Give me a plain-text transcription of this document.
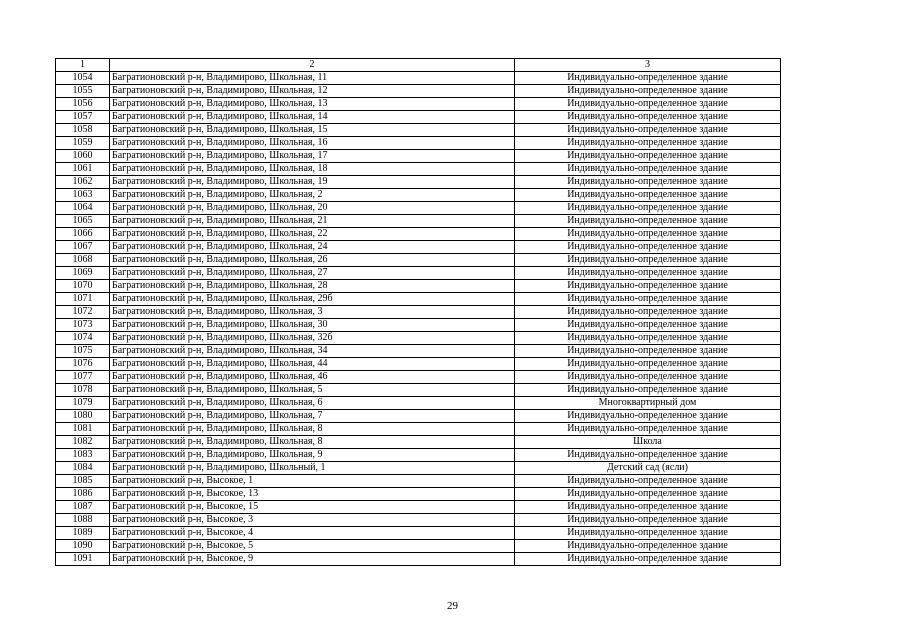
1	2	3
1054	Багратионовский р-н, Владимирово, Школьная, 11	Индивидуально-определенное здание
1055	Багратионовский р-н, Владимирово, Школьная, 12	Индивидуально-определенное здание
1056	Багратионовский р-н, Владимирово, Школьная, 13	Индивидуально-определенное здание
1057	Багратионовский р-н, Владимирово, Школьная, 14	Индивидуально-определенное здание
1058	Багратионовский р-н, Владимирово, Школьная, 15	Индивидуально-определенное здание
1059	Багратионовский р-н, Владимирово, Школьная, 16	Индивидуально-определенное здание
1060	Багратионовский р-н, Владимирово, Школьная, 17	Индивидуально-определенное здание
1061	Багратионовский р-н, Владимирово, Школьная, 18	Индивидуально-определенное здание
1062	Багратионовский р-н, Владимирово, Школьная, 19	Индивидуально-определенное здание
1063	Багратионовский р-н, Владимирово, Школьная, 2	Индивидуально-определенное здание
1064	Багратионовский р-н, Владимирово, Школьная, 20	Индивидуально-определенное здание
1065	Багратионовский р-н, Владимирово, Школьная, 21	Индивидуально-определенное здание
1066	Багратионовский р-н, Владимирово, Школьная, 22	Индивидуально-определенное здание
1067	Багратионовский р-н, Владимирово, Школьная, 24	Индивидуально-определенное здание
1068	Багратионовский р-н, Владимирово, Школьная, 26	Индивидуально-определенное здание
1069	Багратионовский р-н, Владимирово, Школьная, 27	Индивидуально-определенное здание
1070	Багратионовский р-н, Владимирово, Школьная, 28	Индивидуально-определенное здание
1071	Багратионовский р-н, Владимирово, Школьная, 29б	Индивидуально-определенное здание
1072	Багратионовский р-н, Владимирово, Школьная, 3	Индивидуально-определенное здание
1073	Багратионовский р-н, Владимирово, Школьная, 30	Индивидуально-определенное здание
1074	Багратионовский р-н, Владимирово, Школьная, 32б	Индивидуально-определенное здание
1075	Багратионовский р-н, Владимирово, Школьная, 34	Индивидуально-определенное здание
1076	Багратионовский р-н, Владимирово, Школьная, 44	Индивидуально-определенное здание
1077	Багратионовский р-н, Владимирово, Школьная, 46	Индивидуально-определенное здание
1078	Багратионовский р-н, Владимирово, Школьная, 5	Индивидуально-определенное здание
1079	Багратионовский р-н, Владимирово, Школьная, 6	Многоквартирный дом
1080	Багратионовский р-н, Владимирово, Школьная, 7	Индивидуально-определенное здание
1081	Багратионовский р-н, Владимирово, Школьная, 8	Индивидуально-определенное здание
1082	Багратионовский р-н, Владимирово, Школьная, 8	Школа
1083	Багратионовский р-н, Владимирово, Школьная, 9	Индивидуально-определенное здание
1084	Багратионовский р-н, Владимирово, Школьный, 1	Детский сад (ясли)
1085	Багратионовский р-н, Высокое, 1	Индивидуально-определенное здание
1086	Багратионовский р-н, Высокое, 13	Индивидуально-определенное здание
1087	Багратионовский р-н, Высокое, 15	Индивидуально-определенное здание
1088	Багратионовский р-н, Высокое, 3	Индивидуально-определенное здание
1089	Багратионовский р-н, Высокое, 4	Индивидуально-определенное здание
1090	Багратионовский р-н, Высокое, 5	Индивидуально-определенное здание
1091	Багратионовский р-н, Высокое, 9	Индивидуально-определенное здание
29
